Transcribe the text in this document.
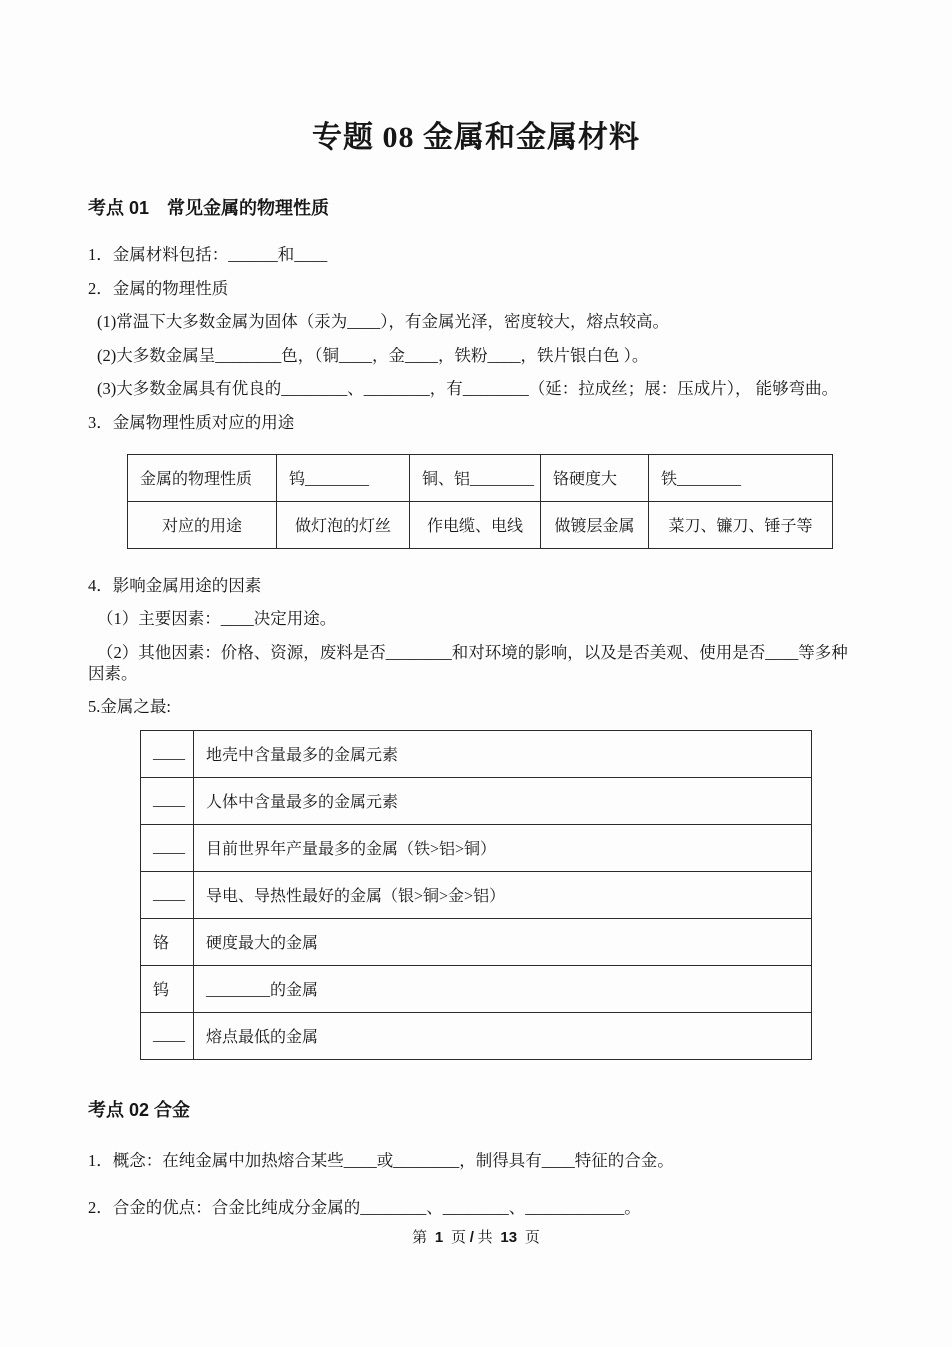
专题 08 金属和金属材料
考点 01　常见金属的物理性质

1．金属材料包括：______和____

2．金属的物理性质

(1)常温下大多数金属为固体（汞为____），有金属光泽，密度较大，熔点较高。

(2)大多数金属呈________色，（铜____，金____，铁粉____，铁片银白色 ）。

(3)大多数金属具有优良的________、________，有________（延：拉成丝；展：压成片）， 能够弯曲。

3．金属物理性质对应的用途

金属的物理性质	钨________	铜、铝________	铬硬度大	铁________
对应的用途	做灯泡的灯丝	作电缆、电线	做镀层金属	菜刀、镰刀、锤子等

4．影响金属用途的因素

（1）主要因素：____决定用途。

（2）其他因素：价格、资源，废料是否________和对环境的影响，以及是否美观、使用是否____等多种因素。

5.金属之最:

____	地壳中含量最多的金属元素
____	人体中含量最多的金属元素
____	目前世界年产量最多的金属（铁>铝>铜）
____	导电、导热性最好的金属（银>铜>金>铝）
铬	硬度最大的金属
钨	________的金属
____	熔点最低的金属
考点 02 合金

1．概念：在纯金属中加热熔合某些____或________，制得具有____特征的合金。

2．合金的优点：合金比纯成分金属的________、________、____________。

第 1 页 / 共 13 页
